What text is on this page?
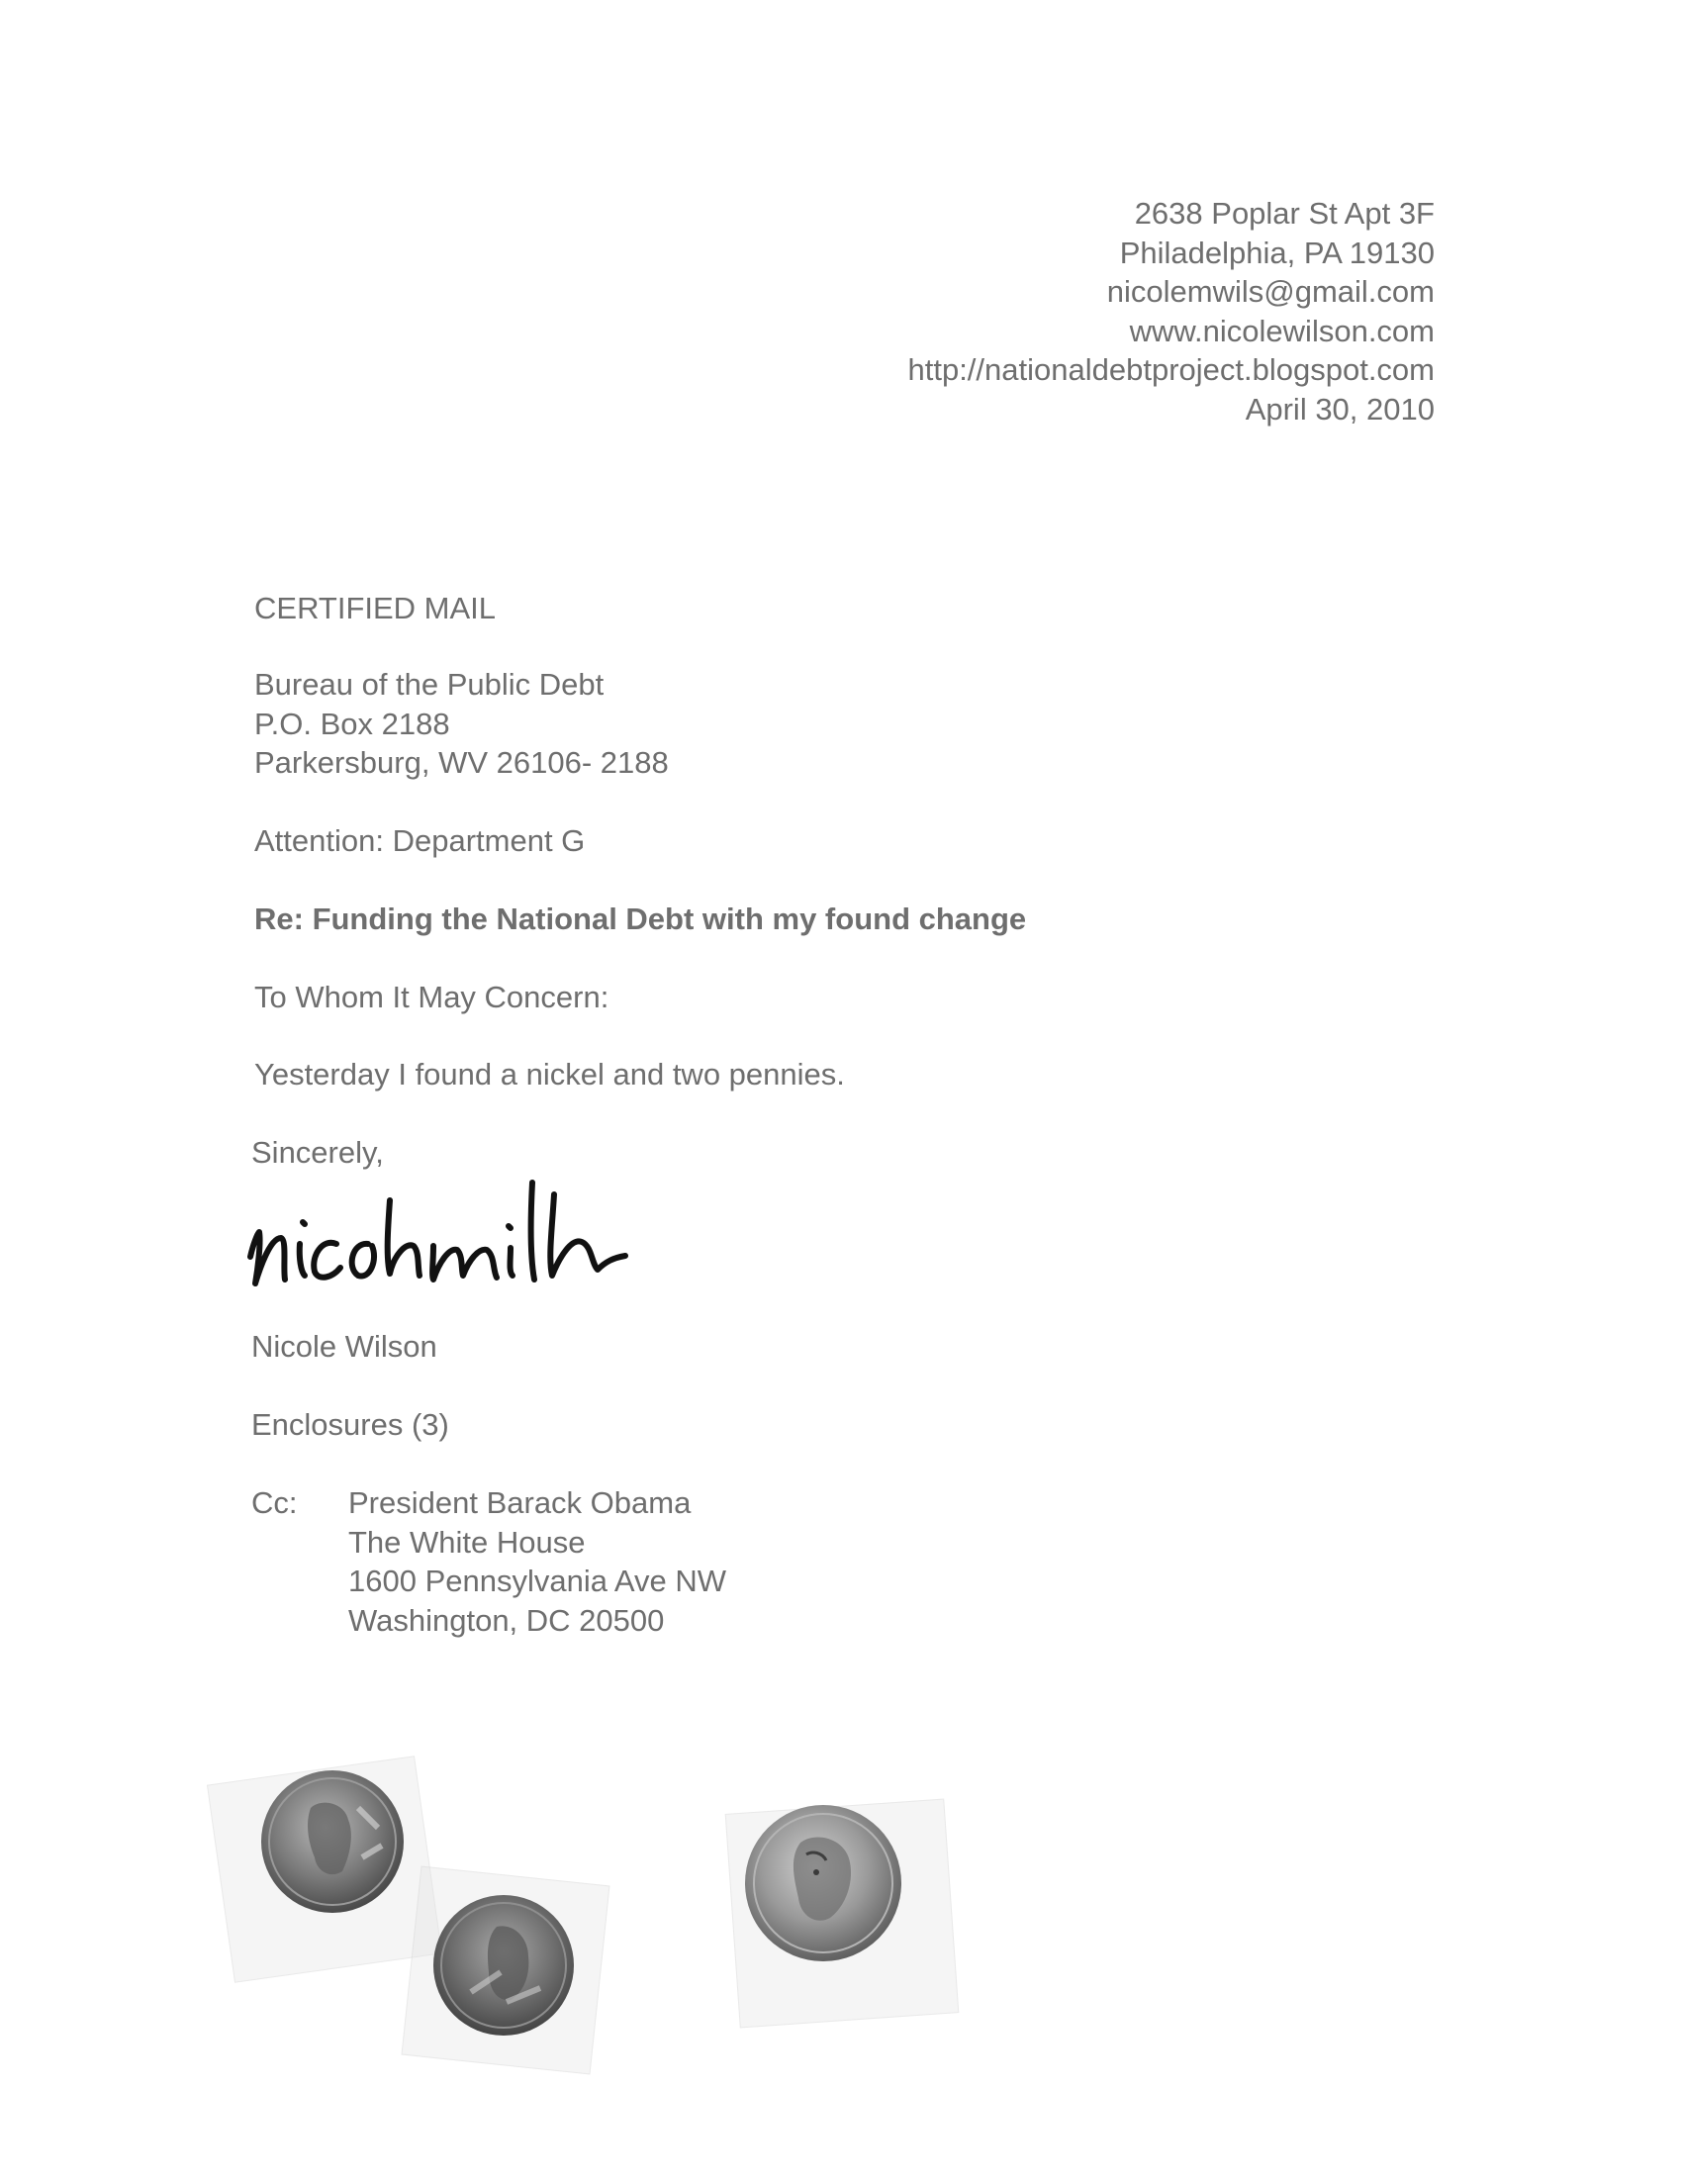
2638 Poplar St Apt 3F
Philadelphia, PA 19130
nicolemwils@gmail.com
www.nicolewilson.com
http://nationaldebtproject.blogspot.com
April 30, 2010
CERTIFIED MAIL
Bureau of the Public Debt
P.O. Box 2188
Parkersburg, WV 26106- 2188
Attention: Department G
Re: Funding the National Debt with my found change
To Whom It May Concern:
Yesterday I found a nickel and two pennies.
Sincerely,
Nicole Wilson
Enclosures (3)
Cc: President Barack Obama
The White House
1600 Pennsylvania Ave NW
Washington, DC 20500
